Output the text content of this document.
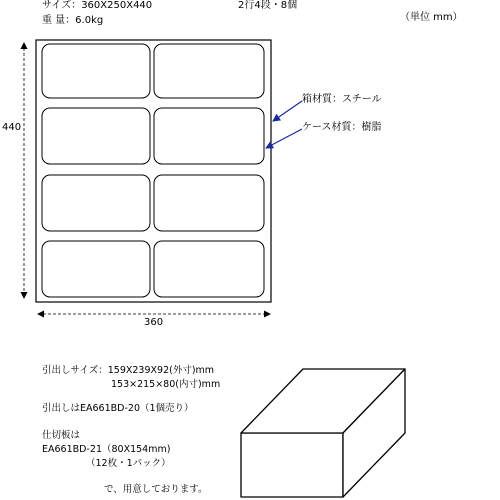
サイズ：360X250X440
重 量：6.0kg
2行4段・8個
（単位 mm）
440
360
箱材質：スチール
ケース材質：樹脂
引出しサイズ：159X239X92(外寸)mm
153×215×80(内寸)mm
引出しはEA661BD-20（1個売り）
仕切板は
EA661BD-21（80X154mm)
（12枚・1パック）
で、用意しております。
